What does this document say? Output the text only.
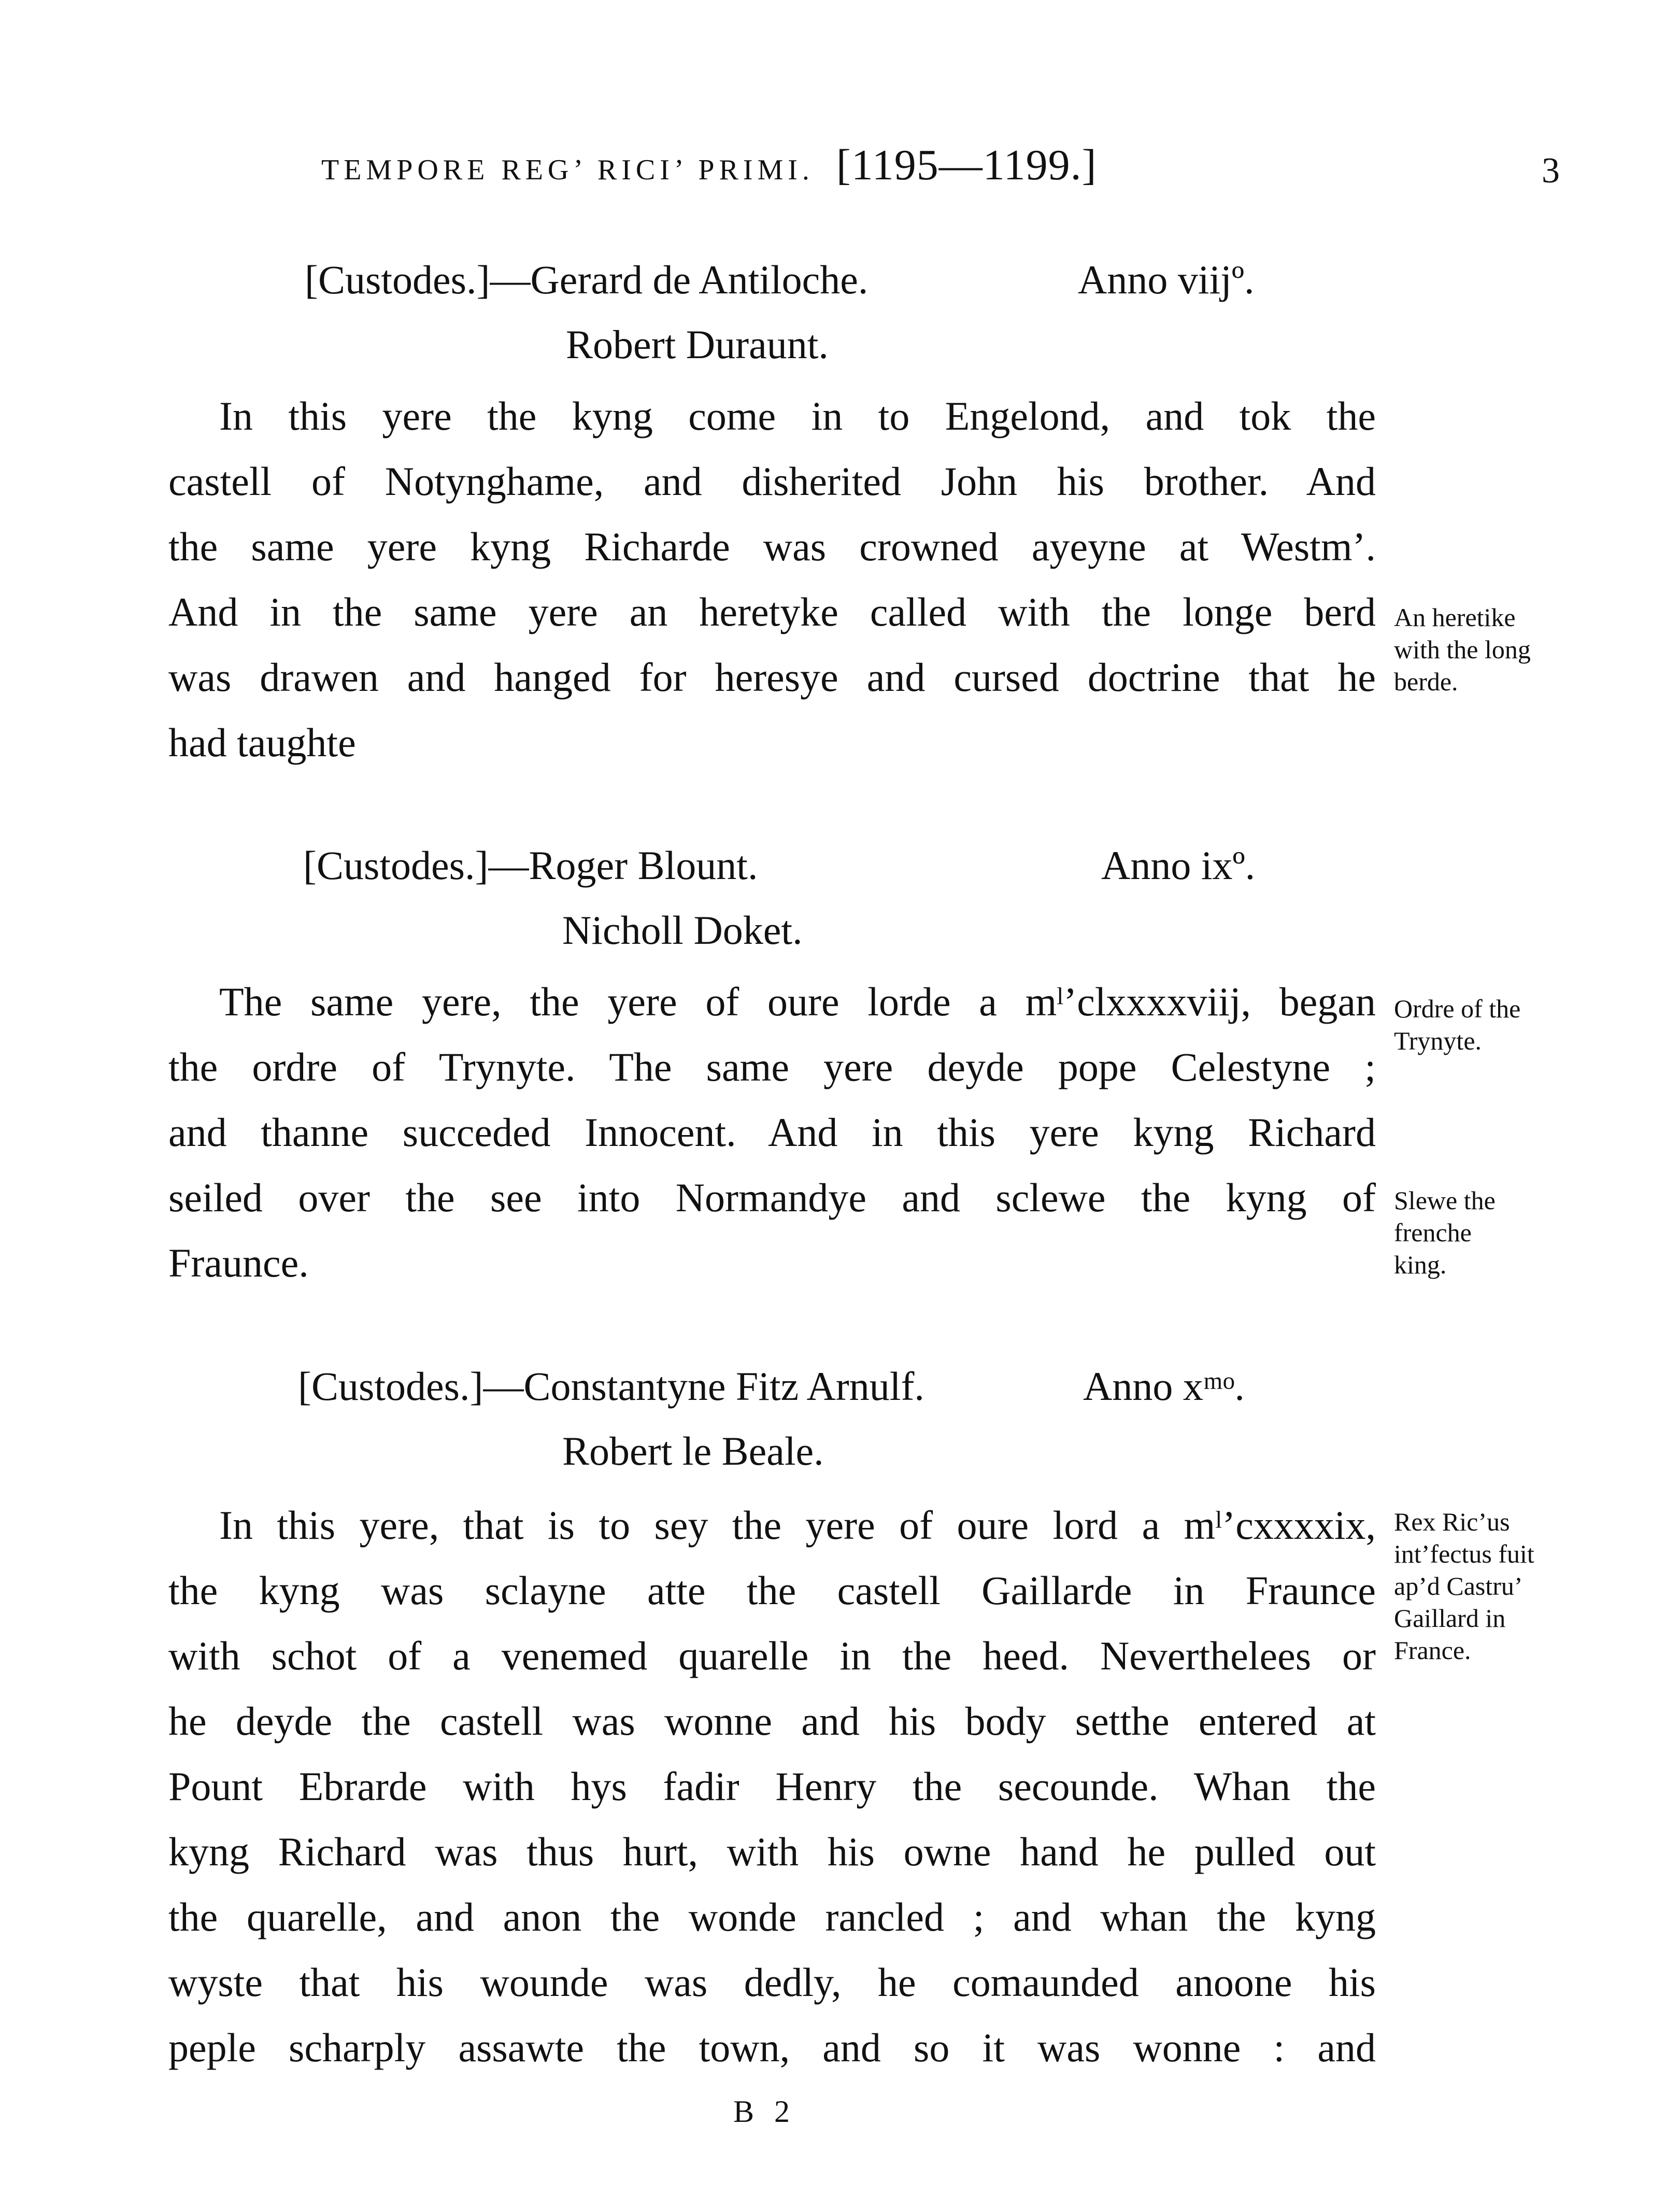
TEMPORE REG’ RICI’ PRIMI. [1195—1199.]	3
[Custodes.]—Gerard de Antiloche.	Anno viijº.
Robert Duraunt.
In this yere the kyng come in to Engelond, and tok the
castell of Notynghame, and disherited John his brother. And
the same yere kyng Richarde was crowned ayeyne at Westm’.
And in the same yere an heretyke called with the longe berd
was drawen and hanged for heresye and cursed doctrine that he
had taughte
An heretike
with the long
berde.
[Custodes.]—Roger Blount.	Anno ixº.
Nicholl Doket.
The same yere, the yere of oure lorde a mˡ’clxxxxviij, began
the ordre of Trynyte. The same yere deyde pope Celestyne ;
and thanne succeded Innocent. And in this yere kyng Richard
seiled over the see into Normandye and sclewe the kyng of
Fraunce.
Ordre of the
Trynyte.
Slewe the
frenche
king.
[Custodes.]—Constantyne Fitz Arnulf.	Anno xᵐᵒ.
Robert le Beale.
In this yere, that is to sey the yere of oure lord a mˡ’cxxxxix,
the kyng was sclayne atte the castell Gaillarde in Fraunce
with schot of a venemed quarelle in the heed. Neverthelees or
he deyde the castell was wonne and his body setthe entered at
Pount Ebrarde with hys fadir Henry the secounde. Whan the
kyng Richard was thus hurt, with his owne hand he pulled out
the quarelle, and anon the wonde rancled ; and whan the kyng
wyste that his wounde was dedly, he comaunded anoone his
peple scharply assawte the town, and so it was wonne : and
Rex Ric’us
int’fectus fuit
ap’d Castru’
Gaillard in
France.
B 2
